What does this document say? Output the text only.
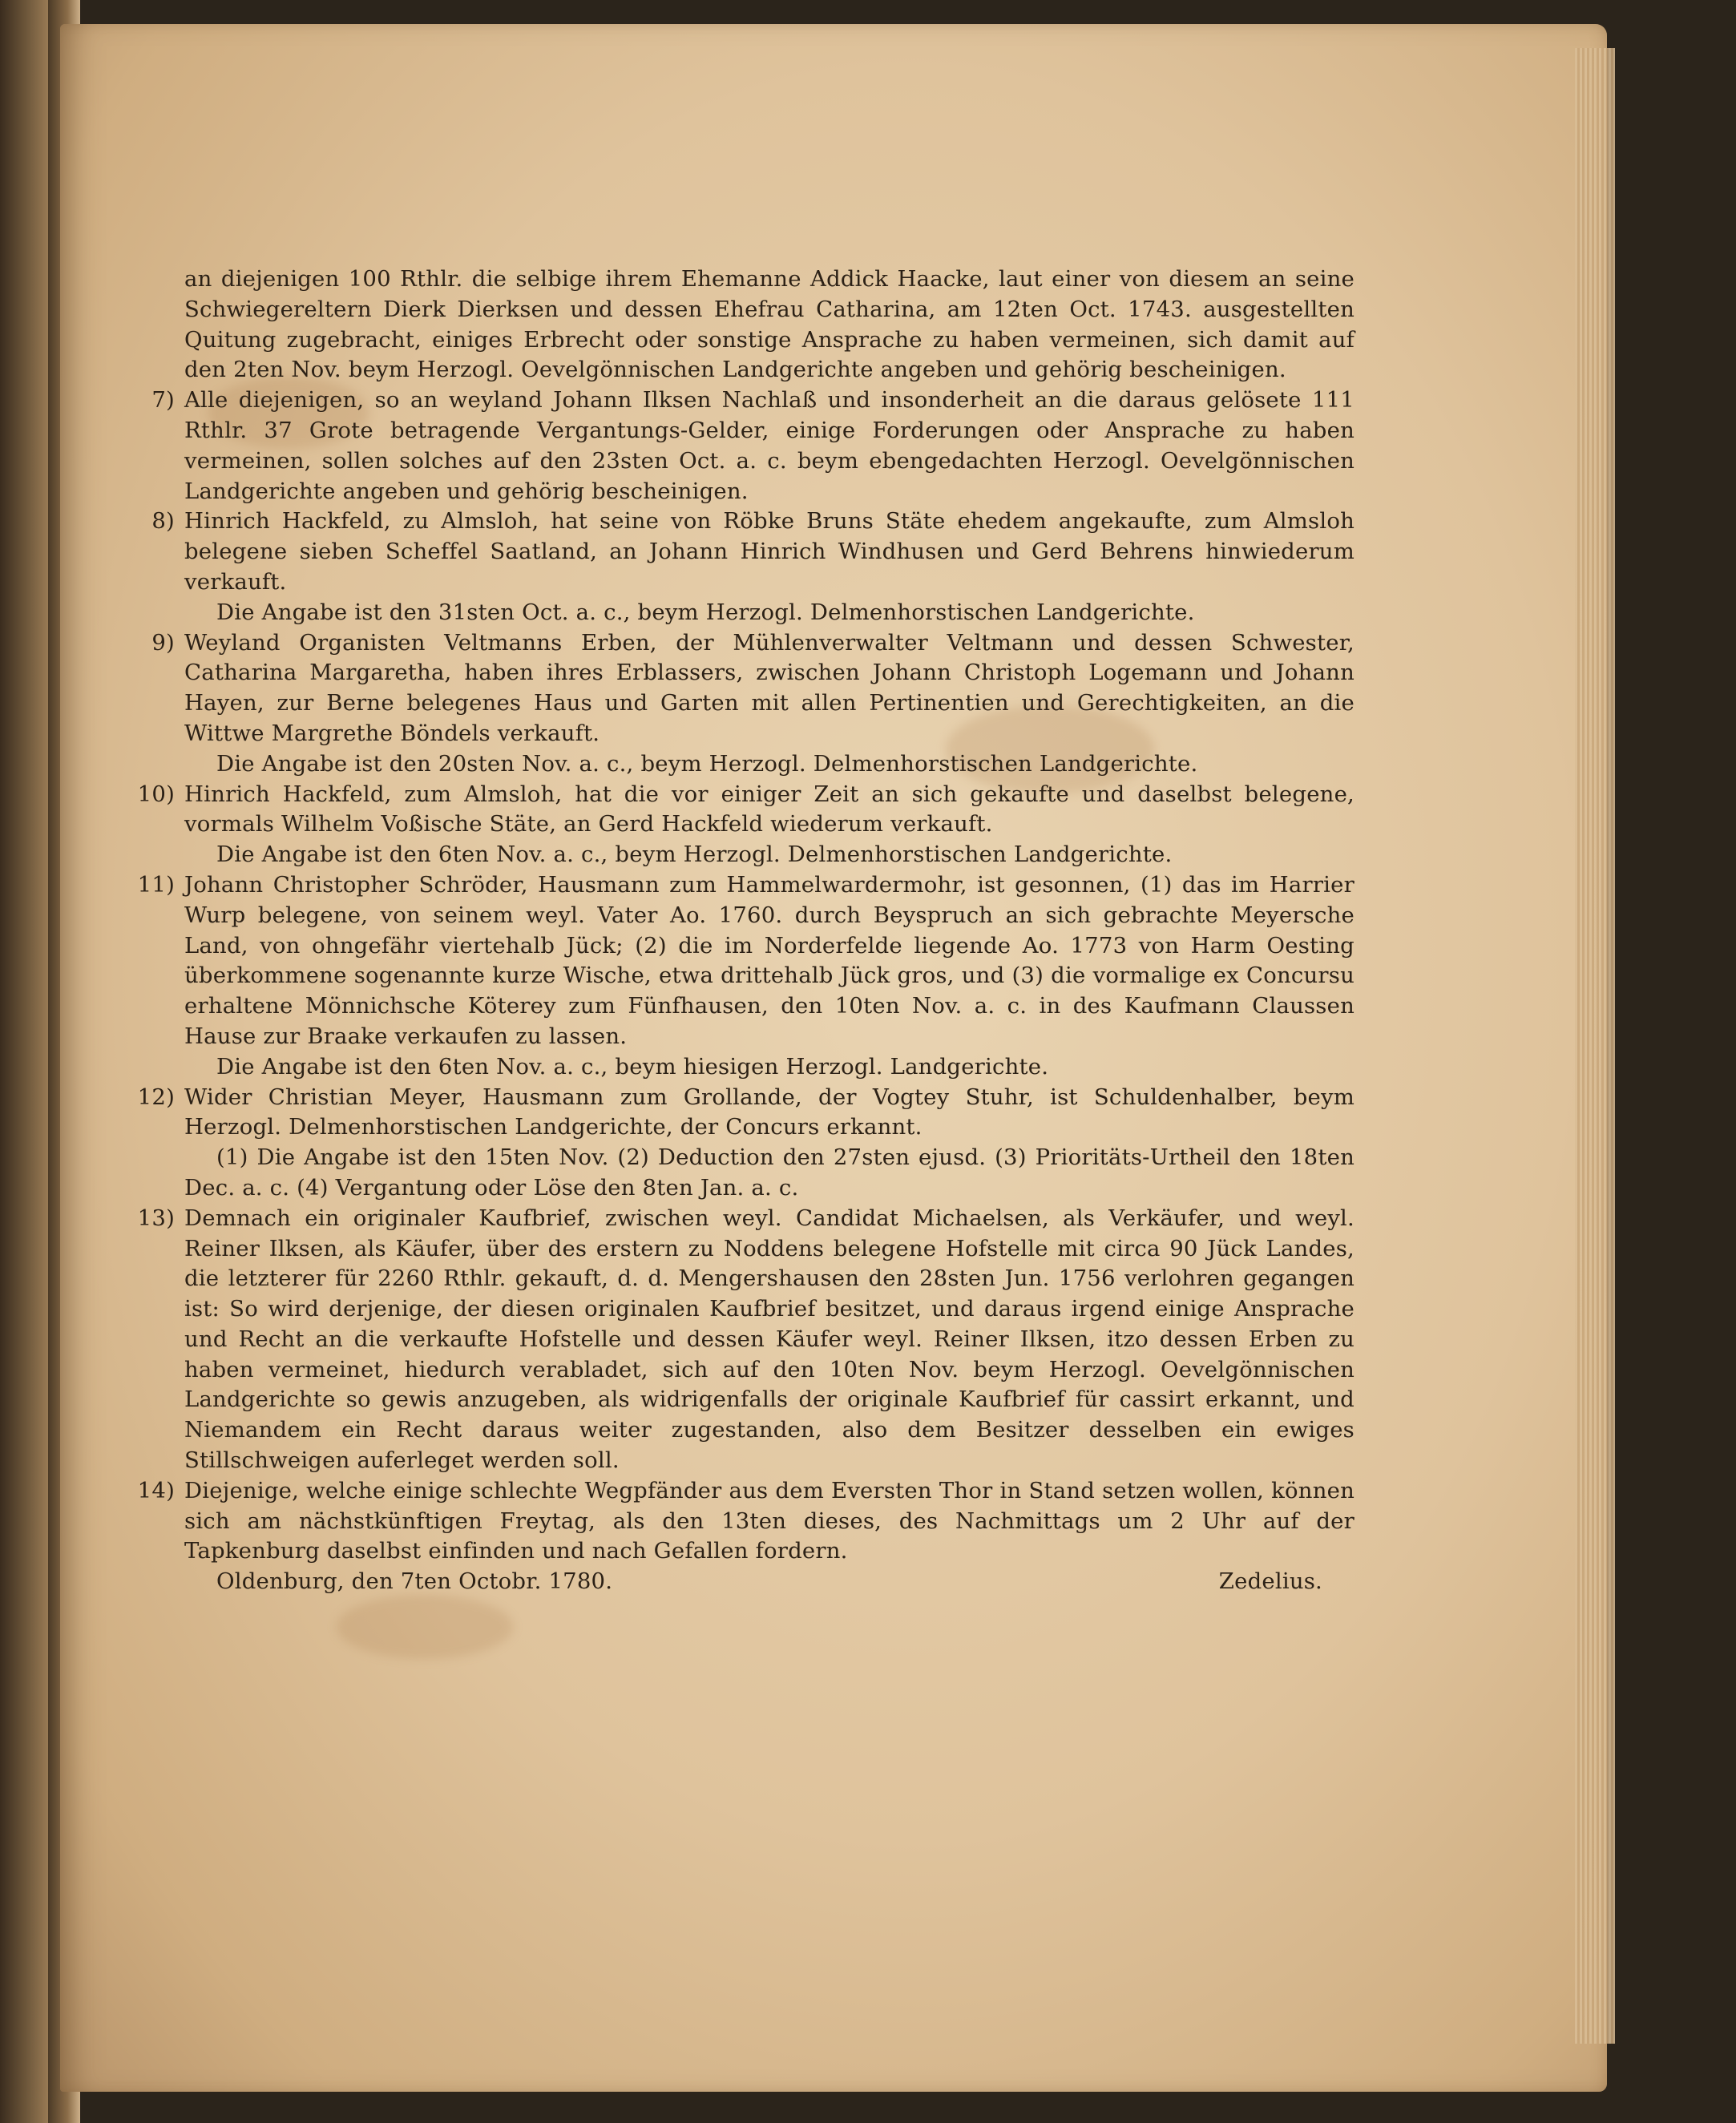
an diejenigen 100 Rthlr. die selbige ihrem Ehemanne Addick Haacke, laut einer von diesem an seine Schwiegereltern Dierk Dierksen und dessen Ehefrau Catharina, am 12ten Oct. 1743. ausgestellten Quitung zugebracht, einiges Erbrecht oder sonstige Ansprache zu haben vermeinen, sich damit auf den 2ten Nov. beym Herzogl. Oevelgönnischen Landgerichte angeben und gehörig bescheinigen.

7) Alle diejenigen, so an weyland Johann Ilksen Nachlaß und insonderheit an die daraus gelösete 111 Rthlr. 37 Grote betragende Vergantungs-Gelder, einige Forderungen oder Ansprache zu haben vermeinen, sollen solches auf den 23sten Oct. a. c. beym ebengedachten Herzogl. Oevelgönnischen Landgerichte angeben und gehörig bescheinigen.

8) Hinrich Hackfeld, zu Almsloh, hat seine von Röbke Bruns Stäte ehedem angekaufte, zum Almsloh belegene sieben Scheffel Saatland, an Johann Hinrich Windhusen und Gerd Behrens hinwiederum verkauft.

Die Angabe ist den 31sten Oct. a. c., beym Herzogl. Delmenhorstischen Landgerichte.

9) Weyland Organisten Veltmanns Erben, der Mühlenverwalter Veltmann und dessen Schwester, Catharina Margaretha, haben ihres Erblassers, zwischen Johann Christoph Logemann und Johann Hayen, zur Berne belegenes Haus und Garten mit allen Pertinentien und Gerechtigkeiten, an die Wittwe Margrethe Böndels verkauft.

Die Angabe ist den 20sten Nov. a. c., beym Herzogl. Delmenhorstischen Landgerichte.

10) Hinrich Hackfeld, zum Almsloh, hat die vor einiger Zeit an sich gekaufte und daselbst belegene, vormals Wilhelm Voßische Stäte, an Gerd Hackfeld wiederum verkauft.

Die Angabe ist den 6ten Nov. a. c., beym Herzogl. Delmenhorstischen Landgerichte.

11) Johann Christopher Schröder, Hausmann zum Hammelwardermohr, ist gesonnen, (1) das im Harrier Wurp belegene, von seinem weyl. Vater Ao. 1760. durch Beyspruch an sich gebrachte Meyersche Land, von ohngefähr viertehalb Jück; (2) die im Norderfelde liegende Ao. 1773 von Harm Oesting überkommene sogenannte kurze Wische, etwa drittehalb Jück gros, und (3) die vormalige ex Concursu erhaltene Mönnichsche Köterey zum Fünfhausen, den 10ten Nov. a. c. in des Kaufmann Claussen Hause zur Braake verkaufen zu lassen.

Die Angabe ist den 6ten Nov. a. c., beym hiesigen Herzogl. Landgerichte.

12) Wider Christian Meyer, Hausmann zum Grollande, der Vogtey Stuhr, ist Schuldenhalber, beym Herzogl. Delmenhorstischen Landgerichte, der Concurs erkannt.

(1) Die Angabe ist den 15ten Nov. (2) Deduction den 27sten ejusd. (3) Prioritäts-Urtheil den 18ten Dec. a. c. (4) Vergantung oder Löse den 8ten Jan. a. c.

13) Demnach ein originaler Kaufbrief, zwischen weyl. Candidat Michaelsen, als Verkäufer, und weyl. Reiner Ilksen, als Käufer, über des erstern zu Noddens belegene Hofstelle mit circa 90 Jück Landes, die letzterer für 2260 Rthlr. gekauft, d. d. Mengershausen den 28sten Jun. 1756 verlohren gegangen ist: So wird derjenige, der diesen originalen Kaufbrief besitzet, und daraus irgend einige Ansprache und Recht an die verkaufte Hofstelle und dessen Käufer weyl. Reiner Ilksen, itzo dessen Erben zu haben vermeinet, hiedurch verabladet, sich auf den 10ten Nov. beym Herzogl. Oevelgönnischen Landgerichte so gewis anzugeben, als widrigenfalls der originale Kaufbrief für cassirt erkannt, und Niemandem ein Recht daraus weiter zugestanden, also dem Besitzer desselben ein ewiges Stillschweigen auferleget werden soll.

14) Diejenige, welche einige schlechte Wegpfänder aus dem Eversten Thor in Stand setzen wollen, können sich am nächstkünftigen Freytag, als den 13ten dieses, des Nachmittags um 2 Uhr auf der Tapkenburg daselbst einfinden und nach Gefallen fordern.

Oldenburg, den 7ten Octobr. 1780.	Zedelius.
